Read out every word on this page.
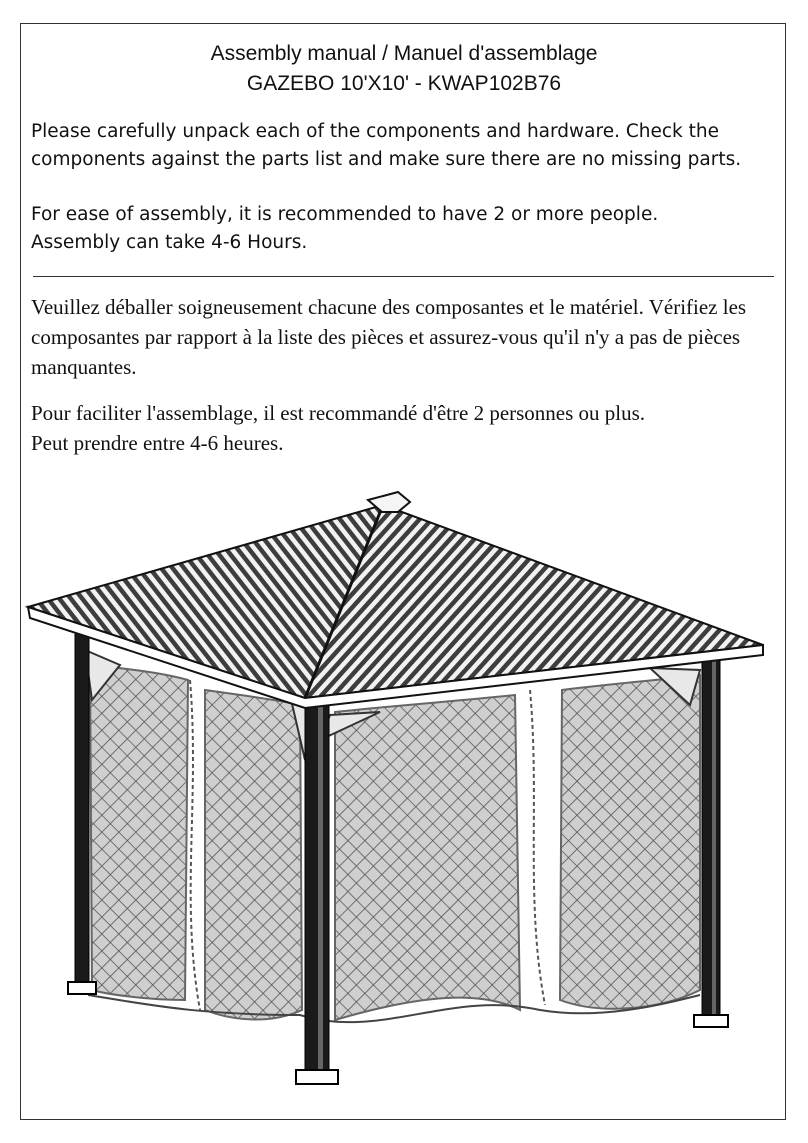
Assembly manual / Manuel d'assemblage
GAZEBO 10'X10' - KWAP102B76

Please carefully unpack each of the components and hardware. Check the components against the parts list and make sure there are no missing parts.

For ease of assembly, it is recommended to have 2 or more people.
Assembly can take 4-6 Hours.

Veuillez déballer soigneusement chacune des composantes et le matériel. Vérifiez les composantes par rapport à la liste des pièces et assurez-vous qu'il n'y a pas de pièces manquantes.

Pour faciliter l'assemblage, il est recommandé d'être 2 personnes ou plus.
Peut prendre entre 4-6 heures.
